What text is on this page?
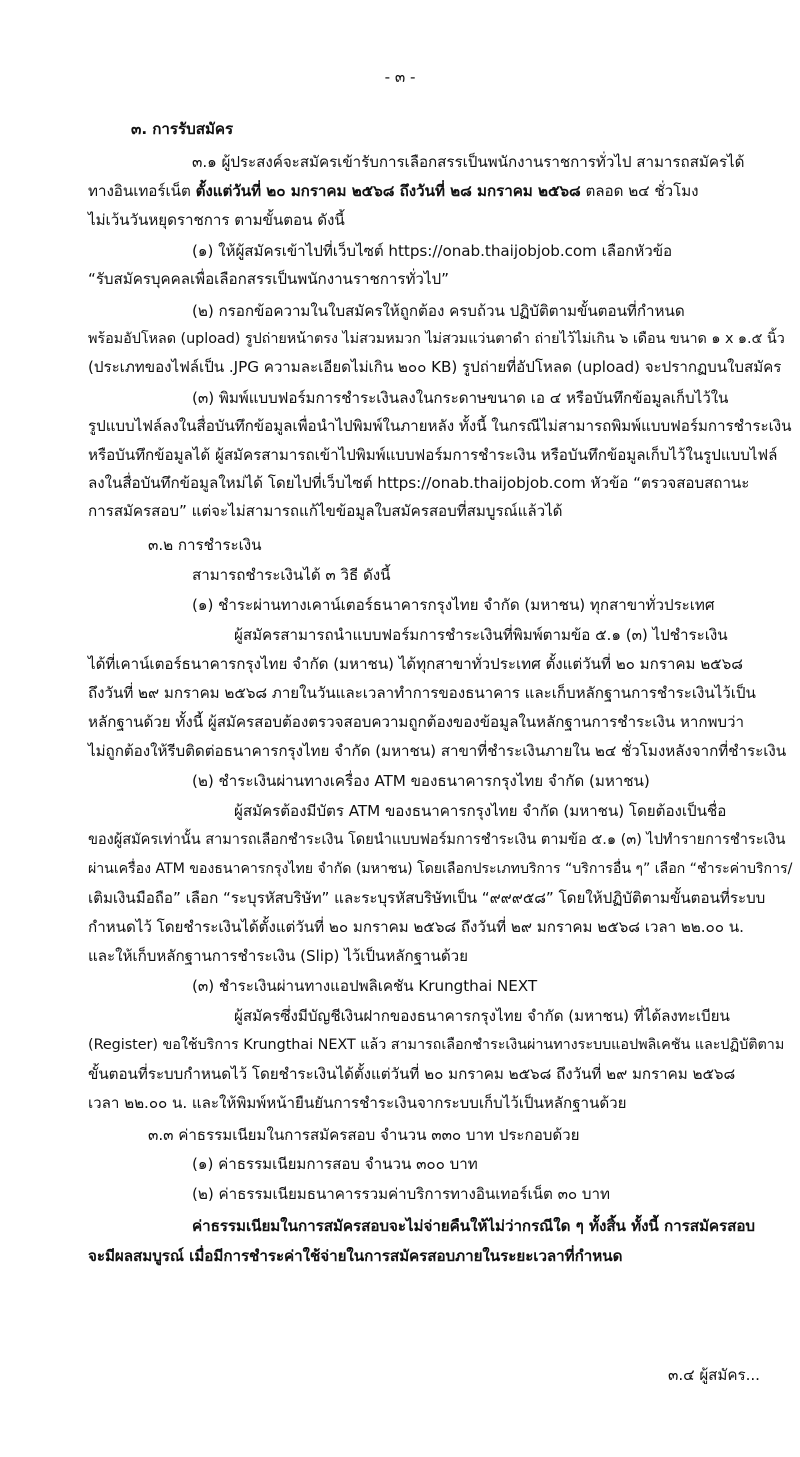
- ๓ -

๓. การรับสมัคร

๓.๑ ผู้ประสงค์จะสมัครเข้ารับการเลือกสรรเป็นพนักงานราชการทั่วไป สามารถสมัครได้

ทางอินเทอร์เน็ต ตั้งแต่วันที่ ๒๐ มกราคม ๒๕๖๘ ถึงวันที่ ๒๘ มกราคม ๒๕๖๘ ตลอด ๒๔ ชั่วโมง

ไม่เว้นวันหยุดราชการ ตามขั้นตอน ดังนี้

(๑) ให้ผู้สมัครเข้าไปที่เว็บไซต์ https://onab.thaijobjob.com เลือกหัวข้อ

“รับสมัครบุคคลเพื่อเลือกสรรเป็นพนักงานราชการทั่วไป”

(๒) กรอกข้อความในใบสมัครให้ถูกต้อง ครบถ้วน ปฏิบัติตามขั้นตอนที่กำหนด

พร้อมอัปโหลด (upload) รูปถ่ายหน้าตรง ไม่สวมหมวก ไม่สวมแว่นตาดำ ถ่ายไว้ไม่เกิน ๖ เดือน ขนาด ๑ x ๑.๕ นิ้ว

(ประเภทของไฟล์เป็น .JPG ความละเอียดไม่เกิน ๒๐๐ KB) รูปถ่ายที่อัปโหลด (upload) จะปรากฏบนใบสมัคร

(๓) พิมพ์แบบฟอร์มการชำระเงินลงในกระดาษขนาด เอ ๔ หรือบันทึกข้อมูลเก็บไว้ใน

รูปแบบไฟล์ลงในสื่อบันทึกข้อมูลเพื่อนำไปพิมพ์ในภายหลัง ทั้งนี้ ในกรณีไม่สามารถพิมพ์แบบฟอร์มการชำระเงิน

หรือบันทึกข้อมูลได้ ผู้สมัครสามารถเข้าไปพิมพ์แบบฟอร์มการชำระเงิน หรือบันทึกข้อมูลเก็บไว้ในรูปแบบไฟล์

ลงในสื่อบันทึกข้อมูลใหม่ได้ โดยไปที่เว็บไซต์ https://onab.thaijobjob.com หัวข้อ “ตรวจสอบสถานะ

การสมัครสอบ” แต่จะไม่สามารถแก้ไขข้อมูลใบสมัครสอบที่สมบูรณ์แล้วได้

๓.๒ การชำระเงิน

สามารถชำระเงินได้ ๓ วิธี ดังนี้

(๑) ชำระผ่านทางเคาน์เตอร์ธนาคารกรุงไทย จำกัด (มหาชน) ทุกสาขาทั่วประเทศ

ผู้สมัครสามารถนำแบบฟอร์มการชำระเงินที่พิมพ์ตามข้อ ๕.๑ (๓) ไปชำระเงิน

ได้ที่เคาน์เตอร์ธนาคารกรุงไทย จำกัด (มหาชน) ได้ทุกสาขาทั่วประเทศ ตั้งแต่วันที่ ๒๐ มกราคม ๒๕๖๘

ถึงวันที่ ๒๙ มกราคม ๒๕๖๘ ภายในวันและเวลาทำการของธนาคาร และเก็บหลักฐานการชำระเงินไว้เป็น

หลักฐานด้วย ทั้งนี้ ผู้สมัครสอบต้องตรวจสอบความถูกต้องของข้อมูลในหลักฐานการชำระเงิน หากพบว่า

ไม่ถูกต้องให้รีบติดต่อธนาคารกรุงไทย จำกัด (มหาชน) สาขาที่ชำระเงินภายใน ๒๔ ชั่วโมงหลังจากที่ชำระเงิน

(๒) ชำระเงินผ่านทางเครื่อง ATM ของธนาคารกรุงไทย จำกัด (มหาชน)

ผู้สมัครต้องมีบัตร ATM ของธนาคารกรุงไทย จำกัด (มหาชน) โดยต้องเป็นชื่อ

ของผู้สมัครเท่านั้น สามารถเลือกชำระเงิน โดยนำแบบฟอร์มการชำระเงิน ตามข้อ ๕.๑ (๓) ไปทำรายการชำระเงิน

ผ่านเครื่อง ATM ของธนาคารกรุงไทย จำกัด (มหาชน) โดยเลือกประเภทบริการ “บริการอื่น ๆ” เลือก “ชำระค่าบริการ/

เติมเงินมือถือ” เลือก “ระบุรหัสบริษัท” และระบุรหัสบริษัทเป็น “๙๙๙๕๘” โดยให้ปฏิบัติตามขั้นตอนที่ระบบ

กำหนดไว้ โดยชำระเงินได้ตั้งแต่วันที่ ๒๐ มกราคม ๒๕๖๘ ถึงวันที่ ๒๙ มกราคม ๒๕๖๘ เวลา ๒๒.๐๐ น.

และให้เก็บหลักฐานการชำระเงิน (Slip) ไว้เป็นหลักฐานด้วย

(๓) ชำระเงินผ่านทางแอปพลิเคชัน Krungthai NEXT

ผู้สมัครซึ่งมีบัญชีเงินฝากของธนาคารกรุงไทย จำกัด (มหาชน) ที่ได้ลงทะเบียน

(Register) ขอใช้บริการ Krungthai NEXT แล้ว สามารถเลือกชำระเงินผ่านทางระบบแอปพลิเคชัน และปฏิบัติตาม

ขั้นตอนที่ระบบกำหนดไว้ โดยชำระเงินได้ตั้งแต่วันที่ ๒๐ มกราคม ๒๕๖๘ ถึงวันที่ ๒๙ มกราคม ๒๕๖๘

เวลา ๒๒.๐๐ น. และให้พิมพ์หน้ายืนยันการชำระเงินจากระบบเก็บไว้เป็นหลักฐานด้วย

๓.๓ ค่าธรรมเนียมในการสมัครสอบ จำนวน ๓๓๐ บาท ประกอบด้วย

(๑) ค่าธรรมเนียมการสอบ จำนวน ๓๐๐ บาท

(๒) ค่าธรรมเนียมธนาคารรวมค่าบริการทางอินเทอร์เน็ต ๓๐ บาท

ค่าธรรมเนียมในการสมัครสอบจะไม่จ่ายคืนให้ไม่ว่ากรณีใด ๆ ทั้งสิ้น ทั้งนี้ การสมัครสอบ

จะมีผลสมบูรณ์ เมื่อมีการชำระค่าใช้จ่ายในการสมัครสอบภายในระยะเวลาที่กำหนด

๓.๔ ผู้สมัคร...
